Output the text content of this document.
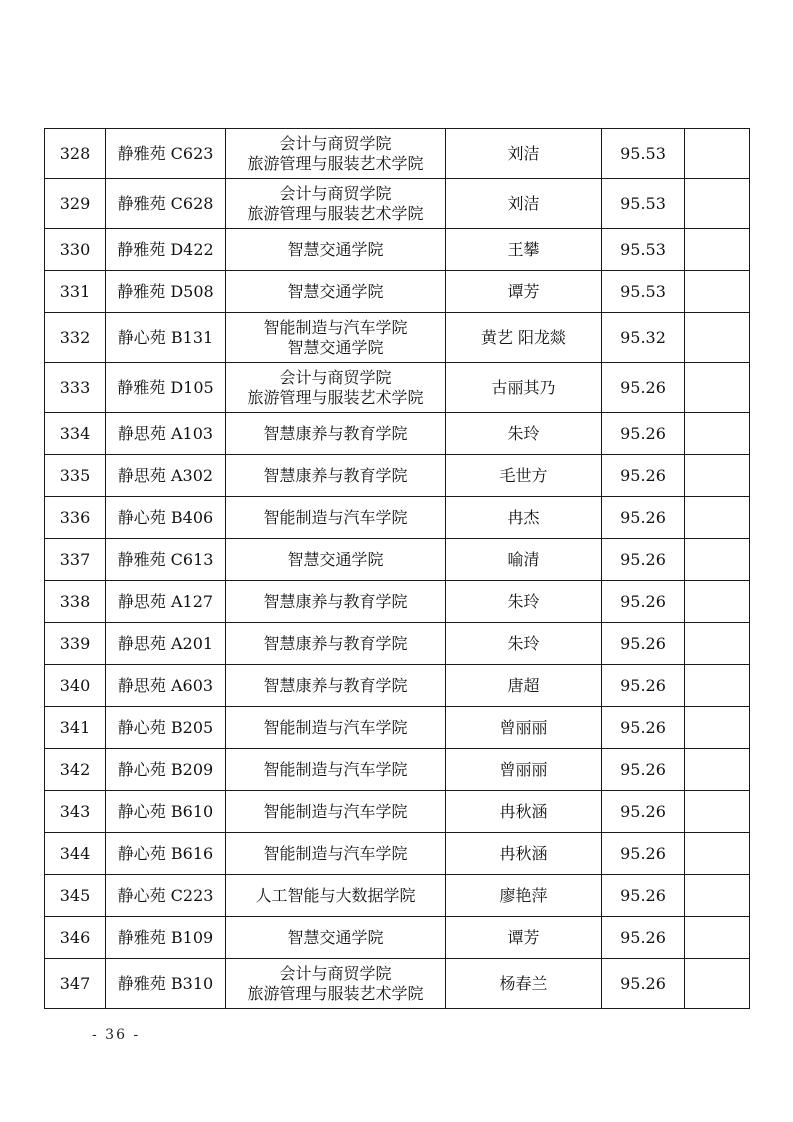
328	静雅苑 C623	会计与商贸学院
旅游管理与服装艺术学院	刘洁	95.53	
329	静雅苑 C628	会计与商贸学院
旅游管理与服装艺术学院	刘洁	95.53	
330	静雅苑 D422	智慧交通学院	王攀	95.53	
331	静雅苑 D508	智慧交通学院	谭芳	95.53	
332	静心苑 B131	智能制造与汽车学院
智慧交通学院	黄艺 阳龙燚	95.32	
333	静雅苑 D105	会计与商贸学院
旅游管理与服装艺术学院	古丽其乃	95.26	
334	静思苑 A103	智慧康养与教育学院	朱玲	95.26	
335	静思苑 A302	智慧康养与教育学院	毛世方	95.26	
336	静心苑 B406	智能制造与汽车学院	冉杰	95.26	
337	静雅苑 C613	智慧交通学院	喻清	95.26	
338	静思苑 A127	智慧康养与教育学院	朱玲	95.26	
339	静思苑 A201	智慧康养与教育学院	朱玲	95.26	
340	静思苑 A603	智慧康养与教育学院	唐超	95.26	
341	静心苑 B205	智能制造与汽车学院	曾丽丽	95.26	
342	静心苑 B209	智能制造与汽车学院	曾丽丽	95.26	
343	静心苑 B610	智能制造与汽车学院	冉秋涵	95.26	
344	静心苑 B616	智能制造与汽车学院	冉秋涵	95.26	
345	静心苑 C223	人工智能与大数据学院	廖艳萍	95.26	
346	静雅苑 B109	智慧交通学院	谭芳	95.26	
347	静雅苑 B310	会计与商贸学院
旅游管理与服装艺术学院	杨春兰	95.26	
- 36 -
